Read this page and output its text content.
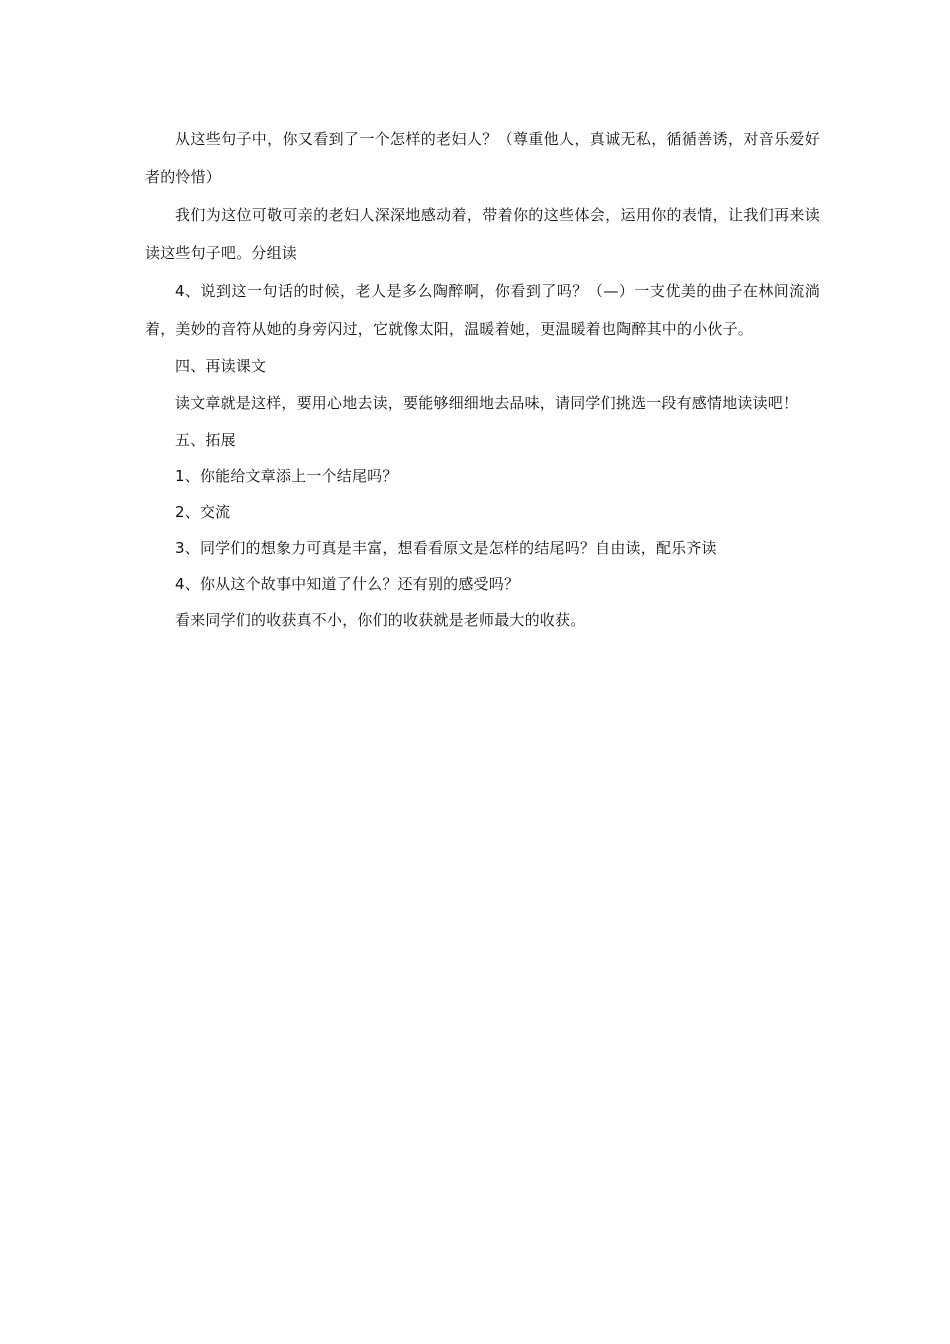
从这些句子中，你又看到了一个怎样的老妇人？（尊重他人，真诚无私，循循善诱，对音乐爱好者的怜惜）

我们为这位可敬可亲的老妇人深深地感动着，带着你的这些体会，运用你的表情，让我们再来读读这些句子吧。分组读

4、说到这一句话的时候，老人是多么陶醉啊，你看到了吗？（—）一支优美的曲子在林间流淌着，美妙的音符从她的身旁闪过，它就像太阳，温暖着她，更温暖着也陶醉其中的小伙子。

四、再读课文

读文章就是这样，要用心地去读，要能够细细地去品味，请同学们挑选一段有感情地读读吧！

五、拓展

1、你能给文章添上一个结尾吗？

2、交流

3、同学们的想象力可真是丰富，想看看原文是怎样的结尾吗？自由读，配乐齐读

4、你从这个故事中知道了什么？还有别的感受吗？

看来同学们的收获真不小，你们的收获就是老师最大的收获。
